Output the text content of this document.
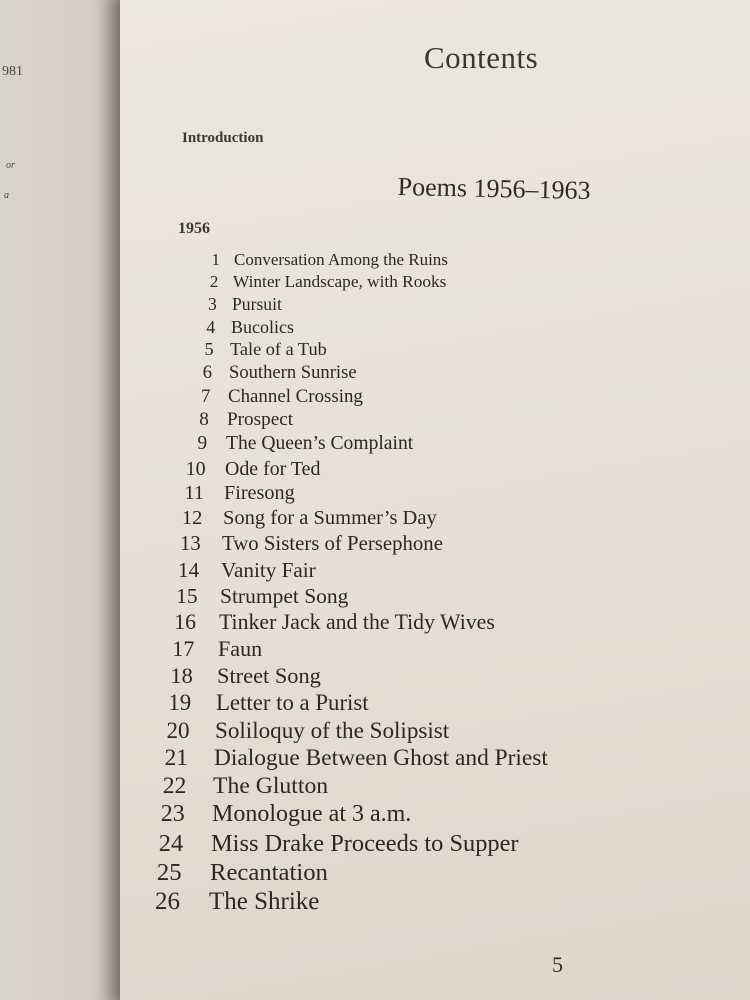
981
or
a
Contents
Introduction
Poems 1956–1963
1956
1 Conversation Among the Ruins
2 Winter Landscape, with Rooks
3 Pursuit
4 Bucolics
5 Tale of a Tub
6 Southern Sunrise
7 Channel Crossing
8 Prospect
9 The Queen’s Complaint
10 Ode for Ted
11 Firesong
12 Song for a Summer’s Day
13 Two Sisters of Persephone
14 Vanity Fair
15 Strumpet Song
16 Tinker Jack and the Tidy Wives
17 Faun
18 Street Song
19 Letter to a Purist
20 Soliloquy of the Solipsist
21 Dialogue Between Ghost and Priest
22 The Glutton
23 Monologue at 3 a.m.
24 Miss Drake Proceeds to Supper
25 Recantation
26 The Shrike
5
